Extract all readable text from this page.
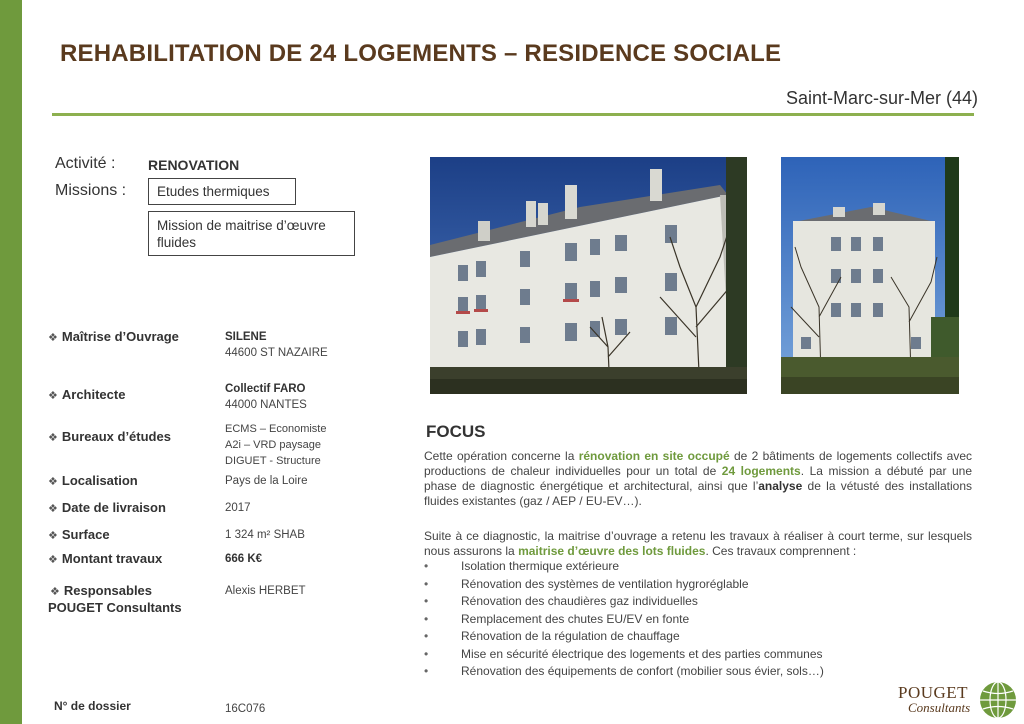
REHABILITATION DE 24 LOGEMENTS – RESIDENCE SOCIALE
Saint-Marc-sur-Mer (44)
Activité : RENOVATION
Missions :	Etudes thermiques
Mission de maitrise d’œuvre fluides
❖ Maîtrise d’Ouvrage	SILENE
44600 ST NAZAIRE
❖ Architecte	Collectif FARO
44000 NANTES
❖ Bureaux d’études	ECMS – Economiste
A2i – VRD paysage
DIGUET - Structure
❖ Localisation	Pays de la Loire
❖ Date de livraison	2017
❖ Surface	1 324 m² SHAB
❖ Montant travaux	666 K€
❖ Responsables
POUGET Consultants
Alexis HERBET
FOCUS
Cette opération concerne la rénovation en site occupé de 2 bâtiments de logements collectifs avec productions de chaleur individuelles pour un total de 24 logements. La mission a débuté par une phase de diagnostic énergétique et architectural, ainsi que l’analyse de la vétusté des installations fluides existantes (gaz / AEP / EU-EV…).
Suite à ce diagnostic, la maitrise d’ouvrage a retenu les travaux à réaliser à court terme, sur lesquels nous assurons la maitrise d’œuvre des lots fluides. Ces travaux comprennent :
•	Isolation thermique extérieure
•	Rénovation des systèmes de ventilation hygroréglable
•	Rénovation des chaudières gaz individuelles
•	Remplacement des chutes EU/EV en fonte
•	Rénovation de la régulation de chauffage
•	Mise en sécurité électrique des logements et des parties communes
•	Rénovation des équipements de confort (mobilier sous évier, sols…)
N° de dossier	16C076
POUGET
Consultants
